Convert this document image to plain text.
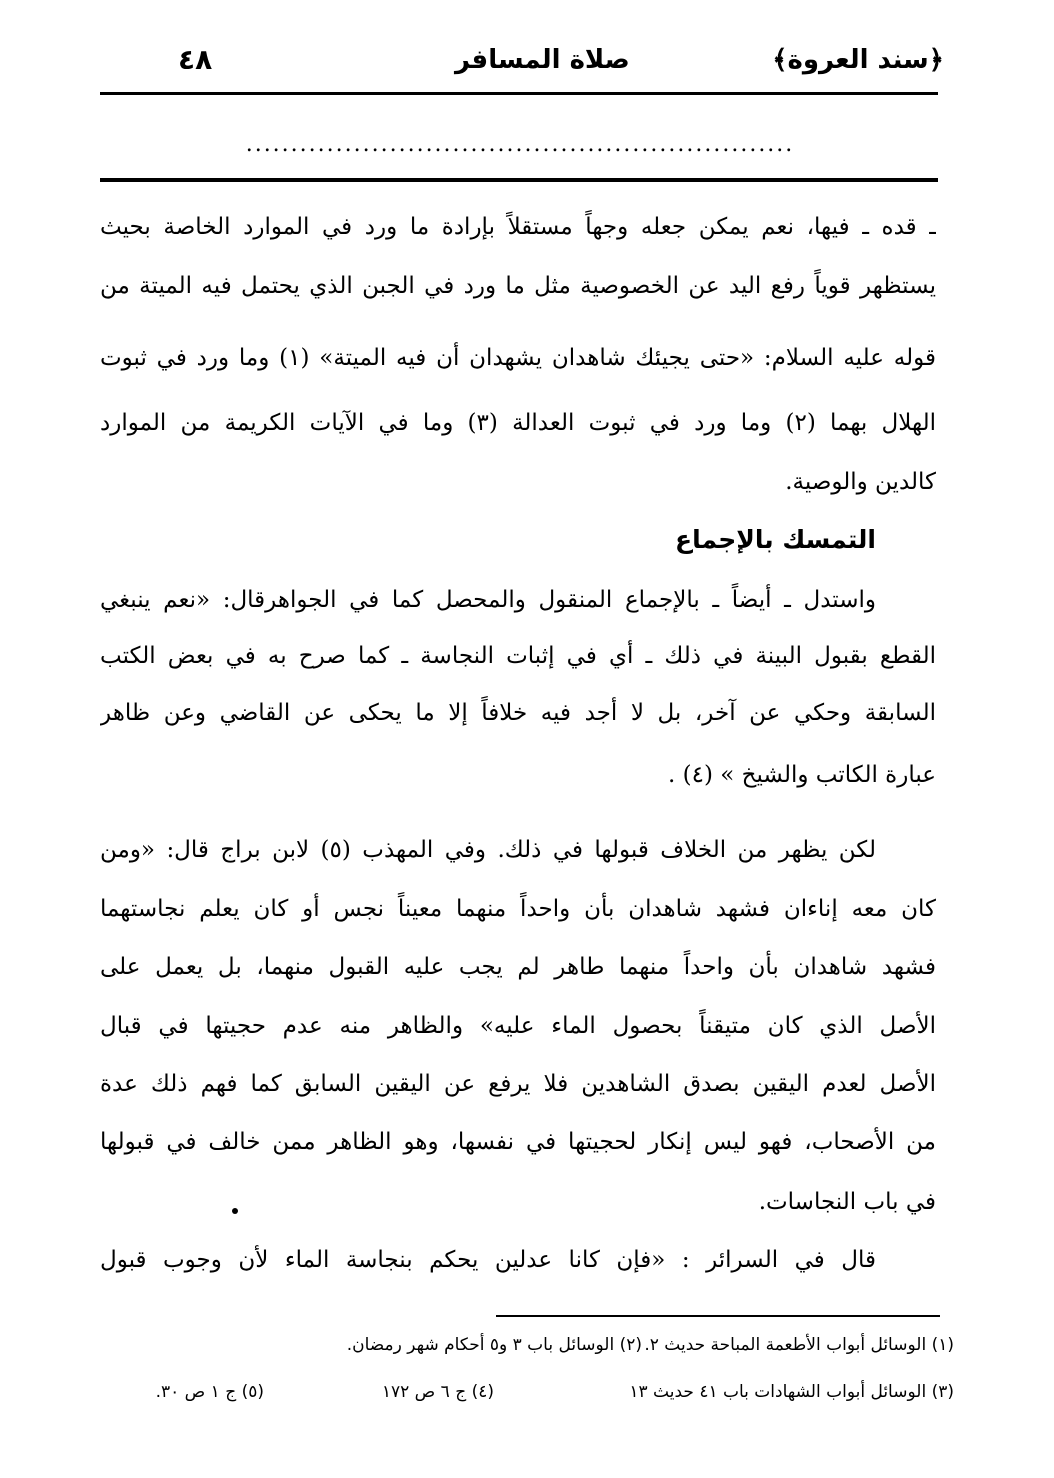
﴿سند العروة﴾
صلاة المسافر
٤٨
.............................................................
ـ قده ـ فيها، نعم يمكن جعله وجهاً مستقلاً بإرادة ما ورد في الموارد الخاصة بحيث
يستظهر قوياً رفع اليد عن الخصوصية مثل ما ورد في الجبن الذي يحتمل فيه الميتة من
قوله عليه السلام: «حتى يجيئك شاهدان يشهدان أن فيه الميتة» (١) وما ورد في ثبوت
الهلال بهما (٢) وما ورد في ثبوت العدالة (٣) وما في الآيات الكريمة من الموارد
كالدين والوصية.
التمسك بالإجماع
واستدل ـ أيضاً ـ بالإجماع المنقول والمحصل كما في الجواهرقال: «نعم ينبغي
القطع بقبول البينة في ذلك ـ أي في إثبات النجاسة ـ كما صرح به في بعض الكتب
السابقة وحكي عن آخر، بل لا أجد فيه خلافاً إلا ما يحكى عن القاضي وعن ظاهر
عبارة الكاتب والشيخ » (٤) .
لكن يظهر من الخلاف قبولها في ذلك. وفي المهذب (٥) لابن براج قال: «ومن
كان معه إناءان فشهد شاهدان بأن واحداً منهما معيناً نجس أو كان يعلم نجاستهما
فشهد شاهدان بأن واحداً منهما طاهر لم يجب عليه القبول منهما، بل يعمل على
الأصل الذي كان متيقناً بحصول الماء عليه» والظاهر منه عدم حجيتها في قبال
الأصل لعدم اليقين بصدق الشاهدين فلا يرفع عن اليقين السابق كما فهم ذلك عدة
من الأصحاب، فهو ليس إنكار لحجيتها في نفسها، وهو الظاهر ممن خالف في قبولها
في باب النجاسات.
قال في السرائر : «فإن كانا عدلين يحكم بنجاسة الماء لأن وجوب قبول
(١) الوسائل أبواب الأطعمة المباحة حديث ٢.
(٢) الوسائل باب ٣ و٥ أحكام شهر رمضان.
(٣) الوسائل أبواب الشهادات باب ٤١ حديث ١٣
(٤) ج ٦ ص ١٧٢
(٥) ج ١ ص ٣٠.
